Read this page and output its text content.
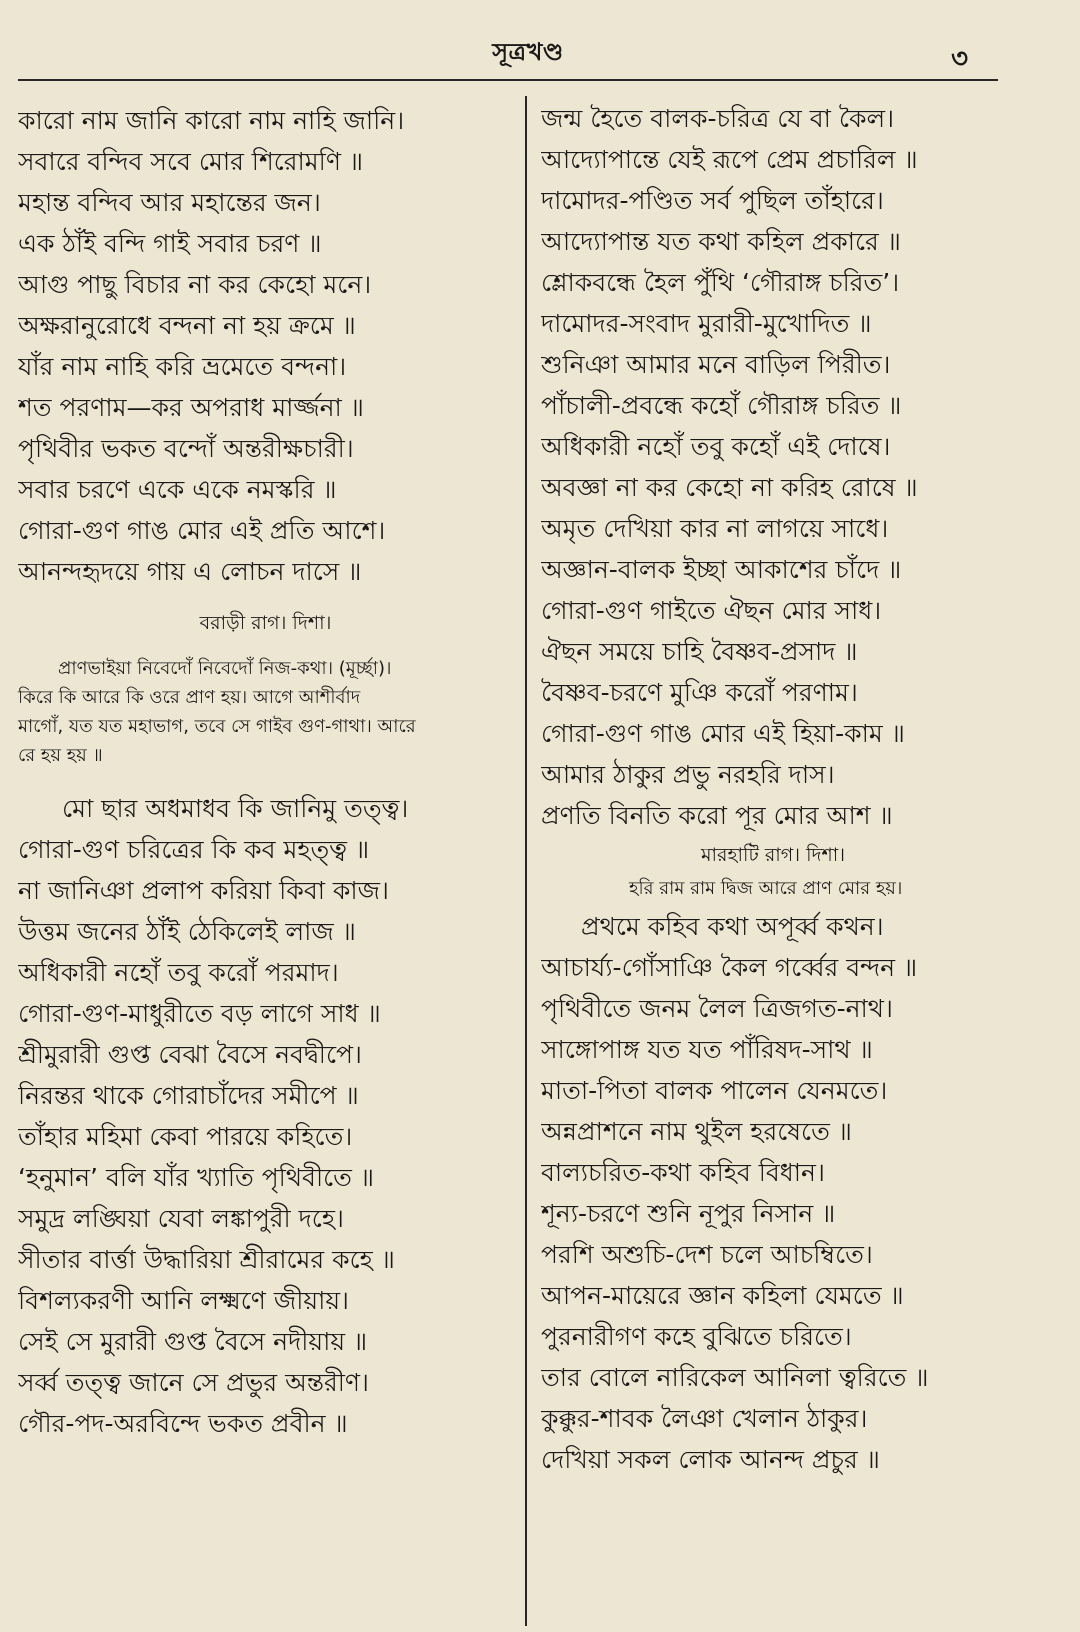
সূত্রখণ্ড	৩
কারো নাম জানি কারো নাম নাহি জানি।
সবারে বন্দিব সবে মোর শিরোমণি ॥
মহান্ত বন্দিব আর মহান্তের জন।
এক ঠাঁই বন্দি গাই সবার চরণ ॥
আগু পাছু বিচার না কর কেহো মনে।
অক্ষরানুরোধে বন্দনা না হয় ক্রমে ॥
যাঁর নাম নাহি করি ভ্রমেতে বন্দনা।
শত পরণাম—কর অপরাধ মার্জ্জনা ॥
পৃথিবীর ভকত বন্দোঁ অন্তরীক্ষচারী।
সবার চরণে একে একে নমস্করি ॥
গোরা-গুণ গাঙ মোর এই প্রতি আশে।
আনন্দহৃদয়ে গায় এ লোচন দাসে ॥
বরাড়ী রাগ। দিশা।
প্রাণভাইয়া নিবেদোঁ নিবেদোঁ নিজ-কথা। (মূর্চ্ছা)।
কিরে কি আরে কি ওরে প্রাণ হয়। আগে আশীর্বাদ
মাগোঁ, যত যত মহাভাগ, তবে সে গাইব গুণ-গাথা। আরে
রে হয় হয় ॥
মো ছার অধমাধব কি জানিমু তত্ত্ব।
গোরা-গুণ চরিত্রের কি কব মহত্ত্ব ॥
না জানিঞা প্রলাপ করিয়া কিবা কাজ।
উত্তম জনের ঠাঁই ঠেকিলেই লাজ ॥
অধিকারী নহোঁ তবু করোঁ পরমাদ।
গোরা-গুণ-মাধুরীতে বড় লাগে সাধ ॥
শ্রীমুরারী গুপ্ত বেঝা বৈসে নবদ্বীপে।
নিরন্তর থাকে গোরাচাঁদের সমীপে ॥
তাঁহার মহিমা কেবা পারয়ে কহিতে।
‘হনুমান’ বলি যাঁর খ্যাতি পৃথিবীতে ॥
সমুদ্র লঙ্ঘিয়া যেবা লঙ্কাপুরী দহে।
সীতার বার্ত্তা উদ্ধারিয়া শ্রীরামের কহে ॥
বিশল্যকরণী আনি লক্ষ্মণে জীয়ায়।
সেই সে মুরারী গুপ্ত বৈসে নদীয়ায় ॥
সর্ব্ব তত্ত্ব জানে সে প্রভুর অন্তরীণ।
গৌর-পদ-অরবিন্দে ভকত প্রবীন ॥
জন্ম হৈতে বালক-চরিত্র যে বা কৈল।
আদ্যোপান্তে যেই রূপে প্রেম প্রচারিল ॥
দামোদর-পণ্ডিত সর্ব পুছিল তাঁহারে।
আদ্যোপান্ত যত কথা কহিল প্রকারে ॥
শ্লোকবন্ধে হৈল পুঁথি ‘গৌরাঙ্গ চরিত’।
দামোদর-সংবাদ মুরারী-মুখোদিত ॥
শুনিঞা আমার মনে বাড়িল পিরীত।
পাঁচালী-প্রবন্ধে কহোঁ গৌরাঙ্গ চরিত ॥
অধিকারী নহোঁ তবু কহোঁ এই দোষে।
অবজ্ঞা না কর কেহো না করিহ রোষে ॥
অমৃত দেখিয়া কার না লাগয়ে সাধে।
অজ্ঞান-বালক ইচ্ছা আকাশের চাঁদে ॥
গোরা-গুণ গাইতে ঐছন মোর সাধ।
ঐছন সময়ে চাহি বৈষ্ণব-প্রসাদ ॥
বৈষ্ণব-চরণে মুঞি করোঁ পরণাম।
গোরা-গুণ গাঙ মোর এই হিয়া-কাম ॥
আমার ঠাকুর প্রভু নরহরি দাস।
প্রণতি বিনতি করো পূর মোর আশ ॥
মারহাটি রাগ। দিশা।
হরি রাম রাম দ্বিজ আরে প্রাণ মোর হয়।
প্রথমে কহিব কথা অপূর্ব্ব কথন।
আচার্য্য-গোঁসাঞি কৈল গর্ব্বের বন্দন ॥
পৃথিবীতে জনম লৈল ত্রিজগত-নাথ।
সাঙ্গোপাঙ্গ যত যত পাঁরিষদ-সাথ ॥
মাতা-পিতা বালক পালেন যেনমতে।
অন্নপ্রাশনে নাম থুইল হরষেতে ॥
বাল্যচরিত-কথা কহিব বিধান।
শূন্য-চরণে শুনি নূপুর নিসান ॥
পরশি অশুচি-দেশ চলে আচম্বিতে।
আপন-মায়েরে জ্ঞান কহিলা যেমতে ॥
পুরনারীগণ কহে বুঝিতে চরিতে।
তার বোলে নারিকেল আনিলা ত্বরিতে ॥
কুক্কুর-শাবক লৈঞা খেলান ঠাকুর।
দেখিয়া সকল লোক আনন্দ প্রচুর ॥
